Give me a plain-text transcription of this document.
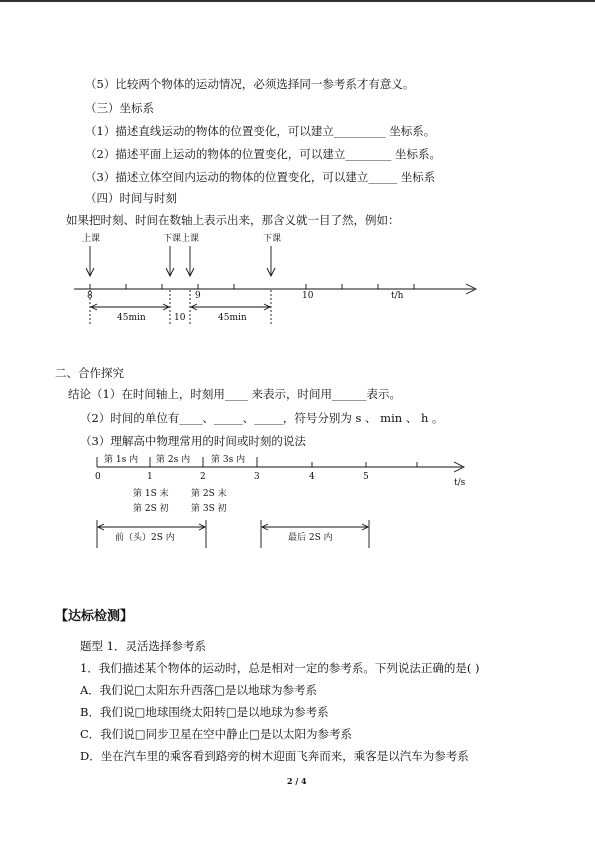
（5）比较两个物体的运动情况，必须选择同一参考系才有意义。
（三）坐标系
（1）描述直线运动的物体的位置变化，可以建立_________ 坐标系。
（2）描述平面上运动的物体的位置变化，可以建立________ 坐标系。
（3）描述立体空间内运动的物体的位置变化，可以建立_____ 坐标系
（四）时间与时刻
如果把时刻、时间在数轴上表示出来，那含义就一目了然，例如：
上课	下课上课	下课
8	9	10	t/h
45min	10	45min
二、合作探究
结论（1）在时间轴上，时刻用____ 来表示，时间用______表示。
（2）时间的单位有____、_____、_____，符号分别为 s 、 min 、 h 。
（3）理解高中物理常用的时间或时刻的说法
第 1s 内 第 2s 内 第 3s 内
0	1	2	3	4	5
t/s
第 1S 末
第 2S 初
第 2S 末
第 3S 初
前（头）2S 内	最后 2S 内
【达标检测】
题型 1．灵活选择参考系
1．我们描述某个物体的运动时，总是相对一定的参考系。下列说法正确的是( )
A．我们说□太阳东升西落□是以地球为参考系
B．我们说□地球围绕太阳转□是以地球为参考系
C．我们说□同步卫星在空中静止□是以太阳为参考系
D．坐在汽车里的乘客看到路旁的树木迎面飞奔而来，乘客是以汽车为参考系
2 / 4
